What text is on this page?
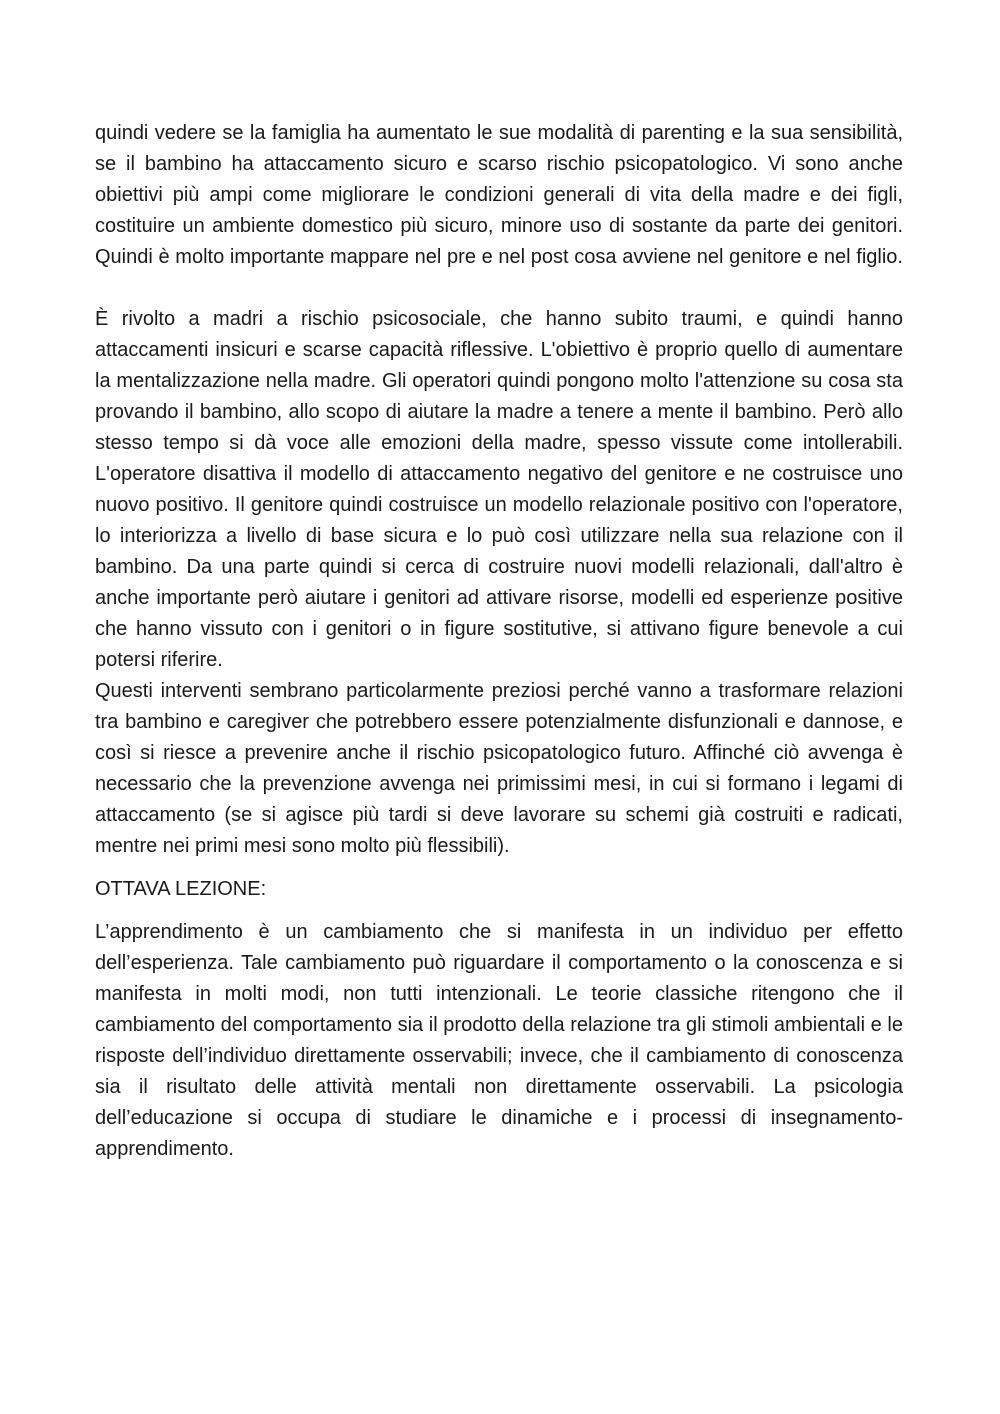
quindi vedere se la famiglia ha aumentato le sue modalità di parenting e la sua sensibilità, se il bambino ha attaccamento sicuro e scarso rischio psicopatologico. Vi sono anche obiettivi più ampi come migliorare le condizioni generali di vita della madre e dei figli, costituire un ambiente domestico più sicuro, minore uso di sostante da parte dei genitori. Quindi è molto importante mappare nel pre e nel post cosa avviene nel genitore e nel figlio.

È rivolto a madri a rischio psicosociale, che hanno subito traumi, e quindi hanno attaccamenti insicuri e scarse capacità riflessive. L'obiettivo è proprio quello di aumentare la mentalizzazione nella madre. Gli operatori quindi pongono molto l'attenzione su cosa sta provando il bambino, allo scopo di aiutare la madre a tenere a mente il bambino. Però allo stesso tempo si dà voce alle emozioni della madre, spesso vissute come intollerabili. L'operatore disattiva il modello di attaccamento negativo del genitore e ne costruisce uno nuovo positivo. Il genitore quindi costruisce un modello relazionale positivo con l'operatore, lo interiorizza a livello di base sicura e lo può così utilizzare nella sua relazione con il bambino. Da una parte quindi si cerca di costruire nuovi modelli relazionali, dall'altro è anche importante però aiutare i genitori ad attivare risorse, modelli ed esperienze positive che hanno vissuto con i genitori o in figure sostitutive, si attivano figure benevole a cui potersi riferire.

Questi interventi sembrano particolarmente preziosi perché vanno a trasformare relazioni tra bambino e caregiver che potrebbero essere potenzialmente disfunzionali e dannose, e così si riesce a prevenire anche il rischio psicopatologico futuro. Affinché ciò avvenga è necessario che la prevenzione avvenga nei primissimi mesi, in cui si formano i legami di attaccamento (se si agisce più tardi si deve lavorare su schemi già costruiti e radicati, mentre nei primi mesi sono molto più flessibili).

OTTAVA LEZIONE:

L’apprendimento è un cambiamento che si manifesta in un individuo per effetto dell’esperienza. Tale cambiamento può riguardare il comportamento o la conoscenza e si manifesta in molti modi, non tutti intenzionali. Le teorie classiche ritengono che il cambiamento del comportamento sia il prodotto della relazione tra gli stimoli ambientali e le risposte dell’individuo direttamente osservabili; invece, che il cambiamento di conoscenza sia il risultato delle attività mentali non direttamente osservabili. La psicologia dell’educazione si occupa di studiare le dinamiche e i processi di insegnamento-apprendimento.
